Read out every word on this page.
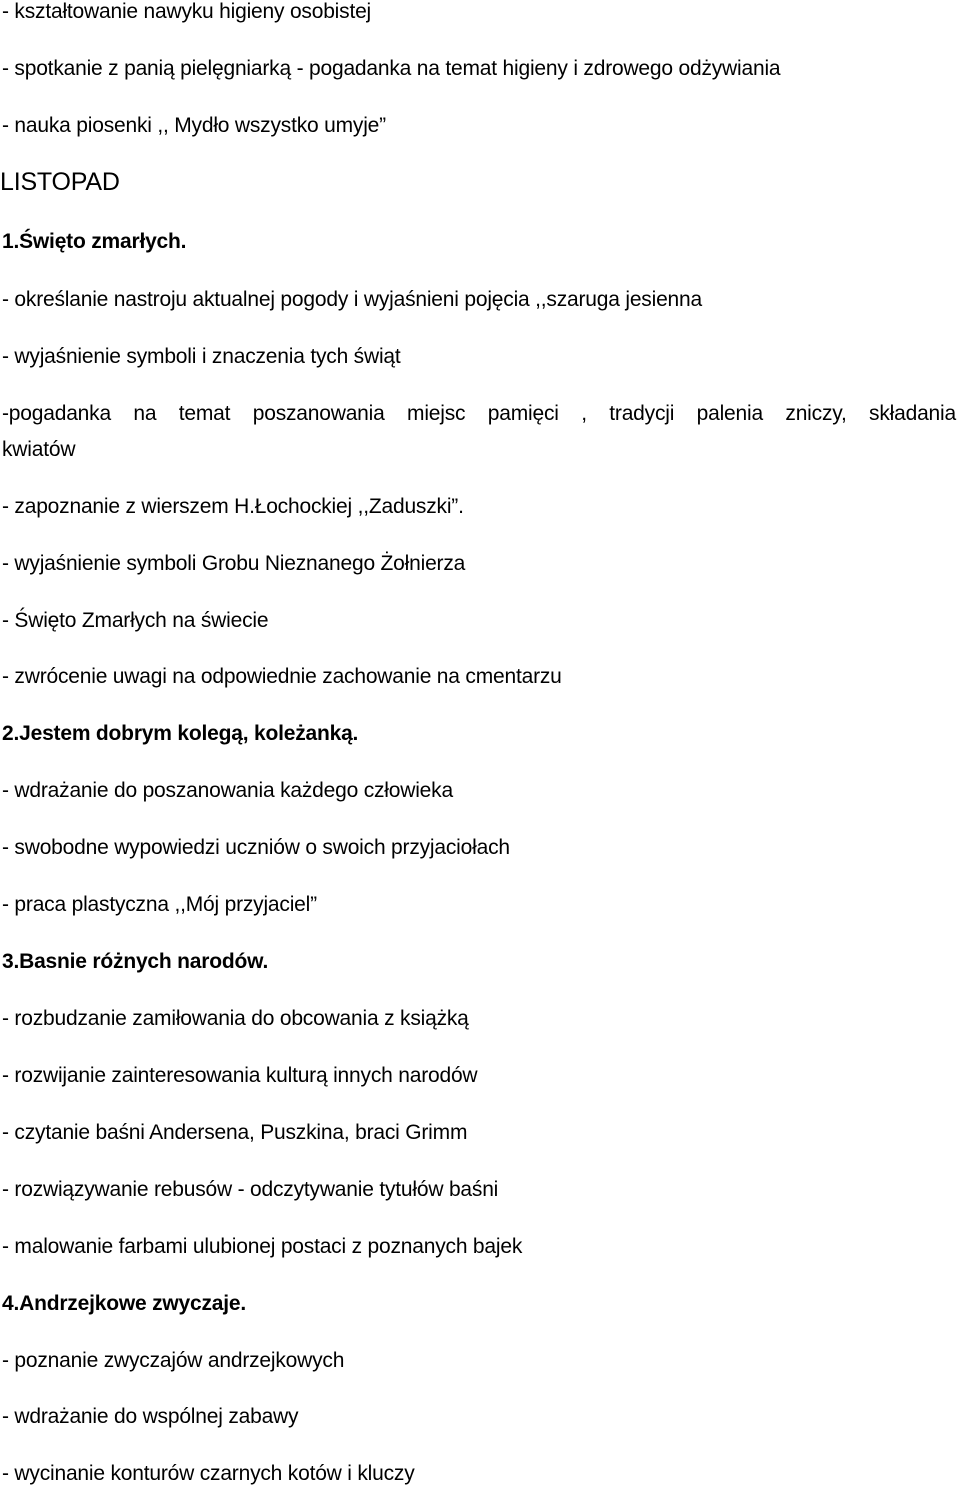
- kształtowanie nawyku higieny osobistej
- spotkanie z panią pielęgniarką - pogadanka na temat higieny i zdrowego odżywiania
- nauka piosenki ,, Mydło wszystko umyje”
LISTOPAD
1.Święto zmarłych.
- określanie nastroju aktualnej pogody i wyjaśnieni pojęcia ,,szaruga jesienna
- wyjaśnienie symboli i znaczenia tych świąt
-pogadanka na temat poszanowania miejsc pamięci , tradycji palenia zniczy, składania
kwiatów
- zapoznanie z wierszem H.Łochockiej ,,Zaduszki”.
- wyjaśnienie symboli Grobu Nieznanego Żołnierza
- Święto Zmarłych na świecie
- zwrócenie uwagi na odpowiednie zachowanie na cmentarzu
2.Jestem dobrym kolegą, koleżanką.
- wdrażanie do poszanowania każdego człowieka
- swobodne wypowiedzi uczniów o swoich przyjaciołach
- praca plastyczna ,,Mój przyjaciel”
3.Basnie różnych narodów.
- rozbudzanie zamiłowania do obcowania z książką
- rozwijanie zainteresowania kulturą innych narodów
- czytanie baśni Andersena, Puszkina, braci Grimm
- rozwiązywanie rebusów - odczytywanie tytułów baśni
- malowanie farbami ulubionej postaci z poznanych bajek
4.Andrzejkowe zwyczaje.
- poznanie zwyczajów andrzejkowych
- wdrażanie do wspólnej zabawy
- wycinanie konturów czarnych kotów i kluczy
